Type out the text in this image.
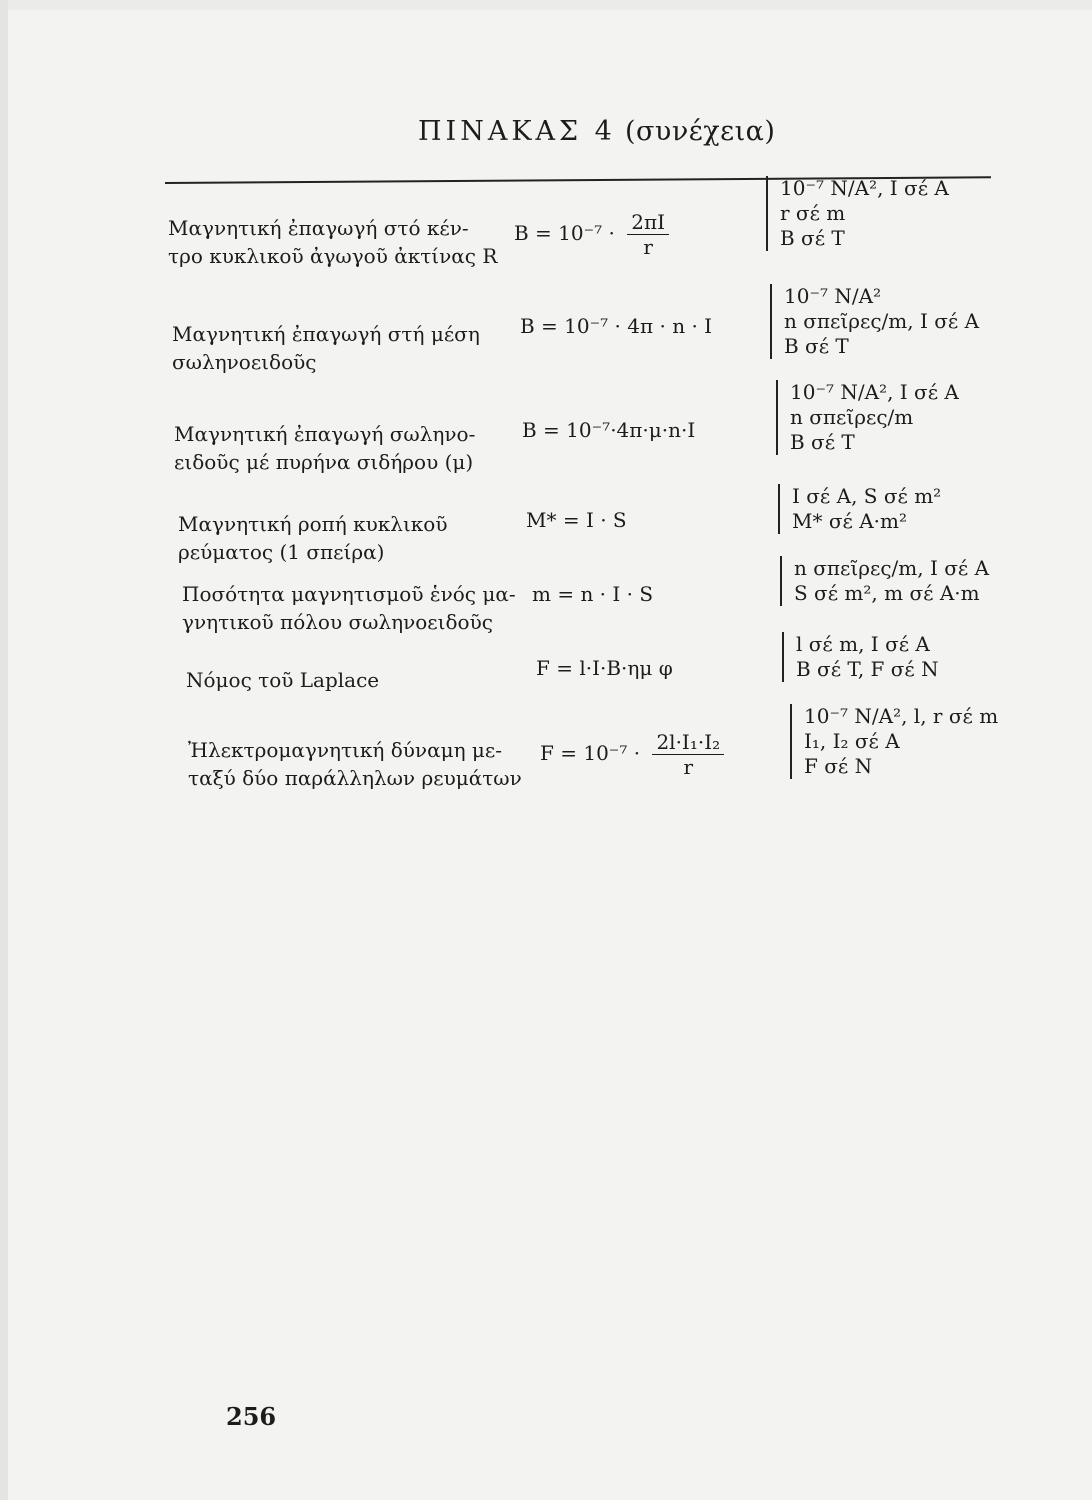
ΠΙΝΑΚΑΣ 4 (συνέχεια)
Μαγνητική ἐπαγωγή στό κέν-
τρο κυκλικοῦ ἀγωγοῦ ἀκτίνας R
$B = 10^{-7} \cdot \frac{2\pi I}{r}$
10⁻⁷ N/A², I σέ A
r σέ m
B σέ T
Μαγνητική ἐπαγωγή στή μέση
σωληνοειδοῦς
B = 10⁻⁷ · 4π · n · I
10⁻⁷ N/A²
n σπεῖρες/m, I σέ A
B σέ T
Μαγνητική ἐπαγωγή σωληνο-
ειδοῦς μέ πυρήνα σιδήρου (μ)
B = 10⁻⁷·4π·μ·n·I
10⁻⁷ N/A², I σέ A
n σπεῖρες/m
B σέ T
Μαγνητική ροπή κυκλικοῦ
ρεύματος (1 σπείρα)
M* = I · S
I σέ A, S σέ m²
M* σέ A·m²
Ποσότητα μαγνητισμοῦ ἑνός μα-
γνητικοῦ πόλου σωληνοειδοῦς
m = n · I · S
n σπεῖρες/m, I σέ A
S σέ m², m σέ A·m
Νόμος τοῦ Laplace	F = l·I·B·ημ φ
l σέ m, I σέ A
B σέ T, F σέ N
Ἠλεκτρομαγνητική δύναμη με-
ταξύ δύο παράλληλων ρευμάτων
$F = 10^{-7} \cdot \frac{\text{2l·I₁·I₂}}{r}$
10⁻⁷ N/A², l, r σέ m
I₁, I₂ σέ A
F σέ N
256
